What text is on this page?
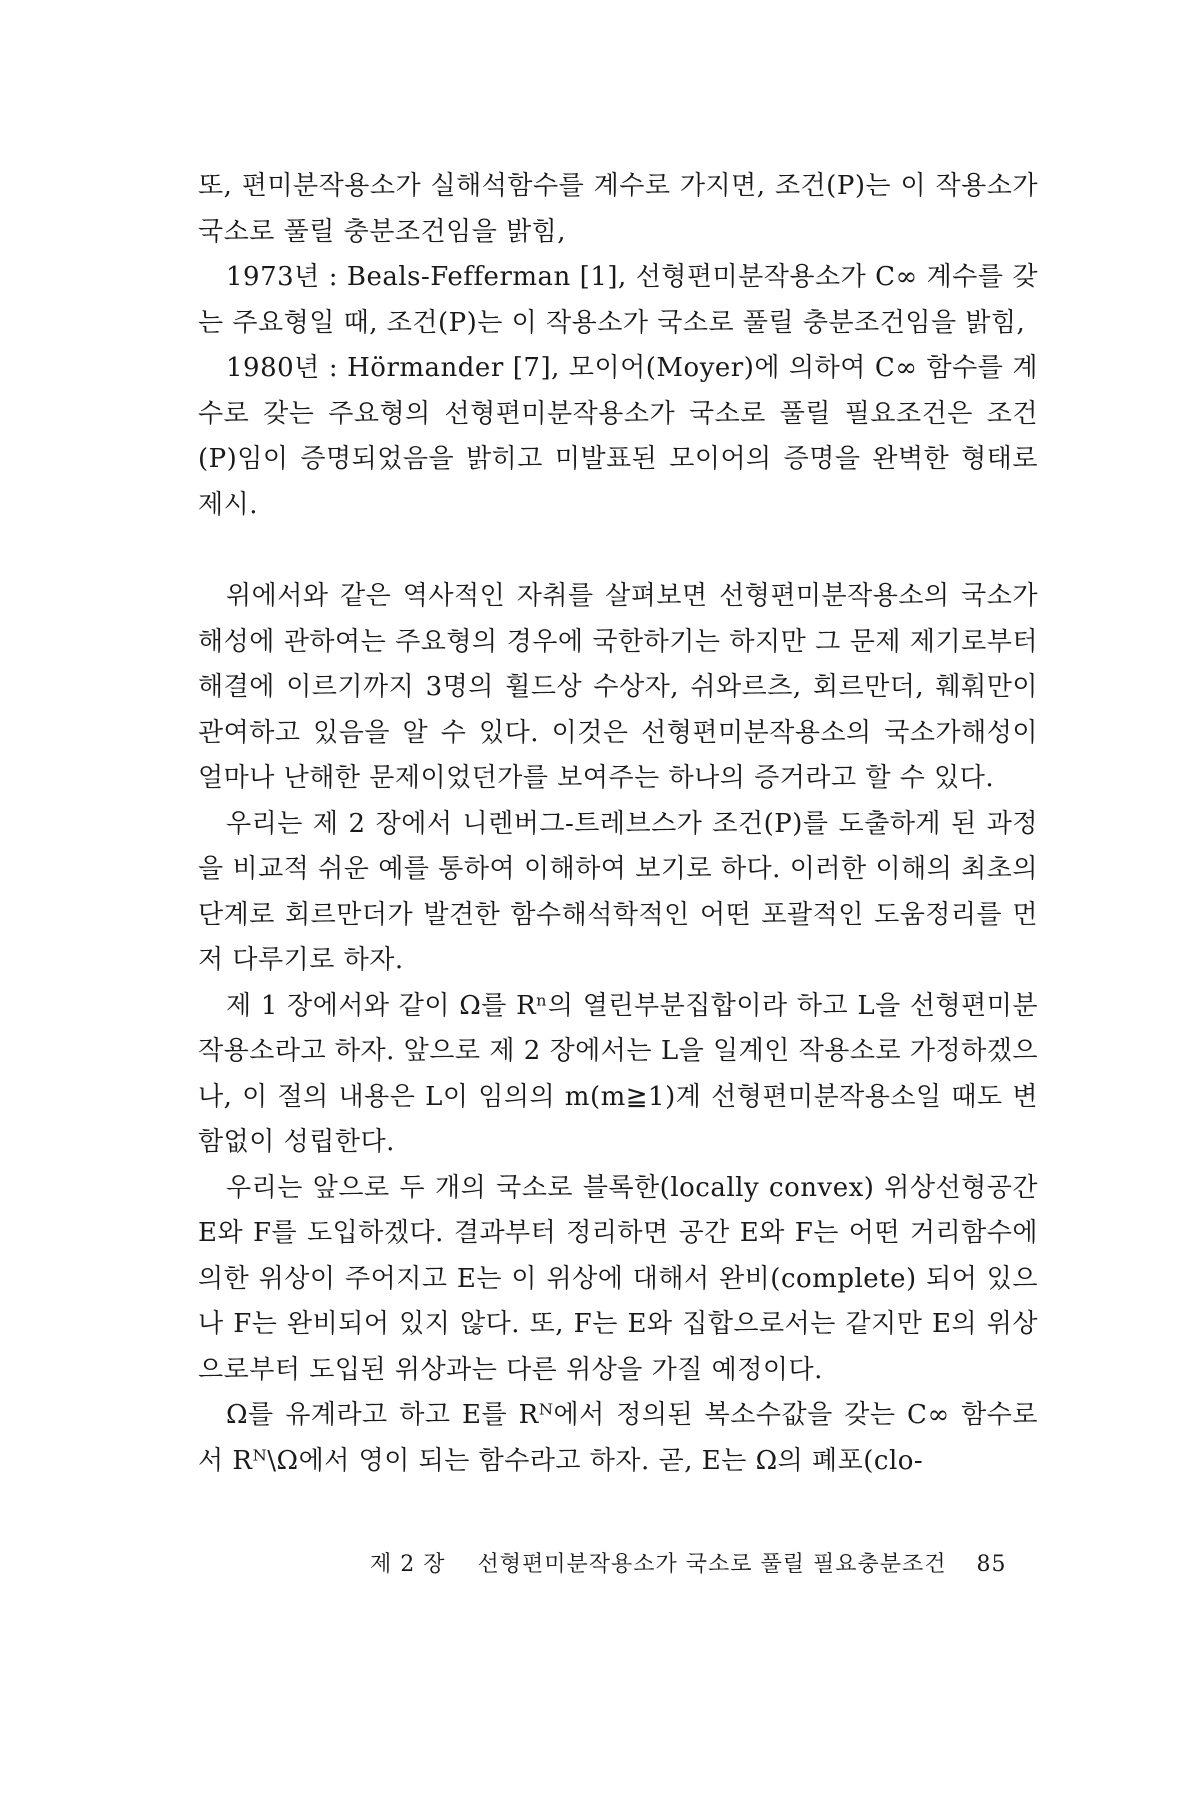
또, 편미분작용소가 실해석함수를 계수로 가지면, 조건(P)는 이 작용소가 국소로 풀릴 충분조건임을 밝힘,

1973년 : Beals-Fefferman [1], 선형편미분작용소가 C∞ 계수를 갖는 주요형일 때, 조건(P)는 이 작용소가 국소로 풀릴 충분조건임을 밝힘,

1980년 : Hörmander [7], 모이어(Moyer)에 의하여 C∞ 함수를 계수로 갖는 주요형의 선형편미분작용소가 국소로 풀릴 필요조건은 조건(P)임이 증명되었음을 밝히고 미발표된 모이어의 증명을 완벽한 형태로 제시.

위에서와 같은 역사적인 자취를 살펴보면 선형편미분작용소의 국소가해성에 관하여는 주요형의 경우에 국한하기는 하지만 그 문제 제기로부터 해결에 이르기까지 3명의 휠드상 수상자, 쉬와르츠, 회르만더, 훼훠만이 관여하고 있음을 알 수 있다. 이것은 선형편미분작용소의 국소가해성이 얼마나 난해한 문제이었던가를 보여주는 하나의 증거라고 할 수 있다.

우리는 제 2 장에서 니렌버그-트레브스가 조건(P)를 도출하게 된 과정을 비교적 쉬운 예를 통하여 이해하여 보기로 하다. 이러한 이해의 최초의 단계로 회르만더가 발견한 함수해석학적인 어떤 포괄적인 도움정리를 먼저 다루기로 하자.

제 1 장에서와 같이 Ω를 Rⁿ의 열린부분집합이라 하고 L을 선형편미분작용소라고 하자. 앞으로 제 2 장에서는 L을 일계인 작용소로 가정하겠으나, 이 절의 내용은 L이 임의의 m(m≧1)계 선형편미분작용소일 때도 변함없이 성립한다.

우리는 앞으로 두 개의 국소로 블록한(locally convex) 위상선형공간 E와 F를 도입하겠다. 결과부터 정리하면 공간 E와 F는 어떤 거리함수에 의한 위상이 주어지고 E는 이 위상에 대해서 완비(complete) 되어 있으나 F는 완비되어 있지 않다. 또, F는 E와 집합으로서는 같지만 E의 위상으로부터 도입된 위상과는 다른 위상을 가질 예정이다.

Ω를 유계라고 하고 E를 Rᴺ에서 정의된 복소수값을 갖는 C∞ 함수로서 Rᴺ\Ω에서 영이 되는 함수라고 하자. 곧, E는 Ω의 폐포(clo-

제 2 장 선형편미분작용소가 국소로 풀릴 필요충분조건 85
